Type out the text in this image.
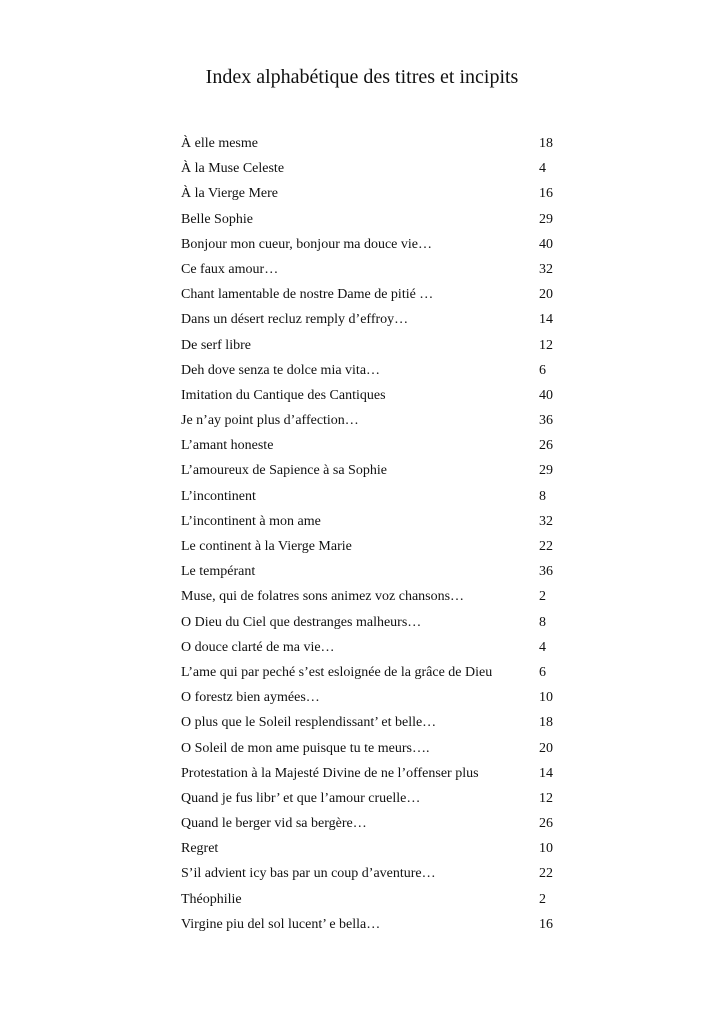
Index alphabétique des titres et incipits
À elle mesme	18
À la Muse Celeste	4
À la Vierge Mere	16
Belle Sophie	29
Bonjour mon cueur, bonjour ma douce vie…	40
Ce faux amour…	32
Chant lamentable de nostre Dame de pitié …	20
Dans un désert recluz remply d’effroy…	14
De serf libre	12
Deh dove senza te dolce mia vita…	6
Imitation du Cantique des Cantiques	40
Je n’ay point plus d’affection…	36
L’amant honeste	26
L’amoureux de Sapience à sa Sophie	29
L’incontinent	8
L’incontinent à mon ame	32
Le continent à la Vierge Marie	22
Le tempérant	36
Muse, qui de folatres sons animez voz chansons…	2
O Dieu du Ciel que destranges malheurs…	8
O douce clarté de ma vie…	4
L’ame qui par peché s’est esloignée de la grâce de Dieu	6
O forestz bien aymées…	10
O plus que le Soleil resplendissant’ et belle…	18
O Soleil de mon ame puisque tu te meurs….	20
Protestation à la Majesté Divine de ne l’offenser plus	14
Quand je fus libr’ et que l’amour cruelle…	12
Quand le berger vid sa bergère…	26
Regret	10
S’il advient icy bas par un coup d’aventure…	22
Théophilie	2
Virgine piu del sol lucent’ e bella…	16
